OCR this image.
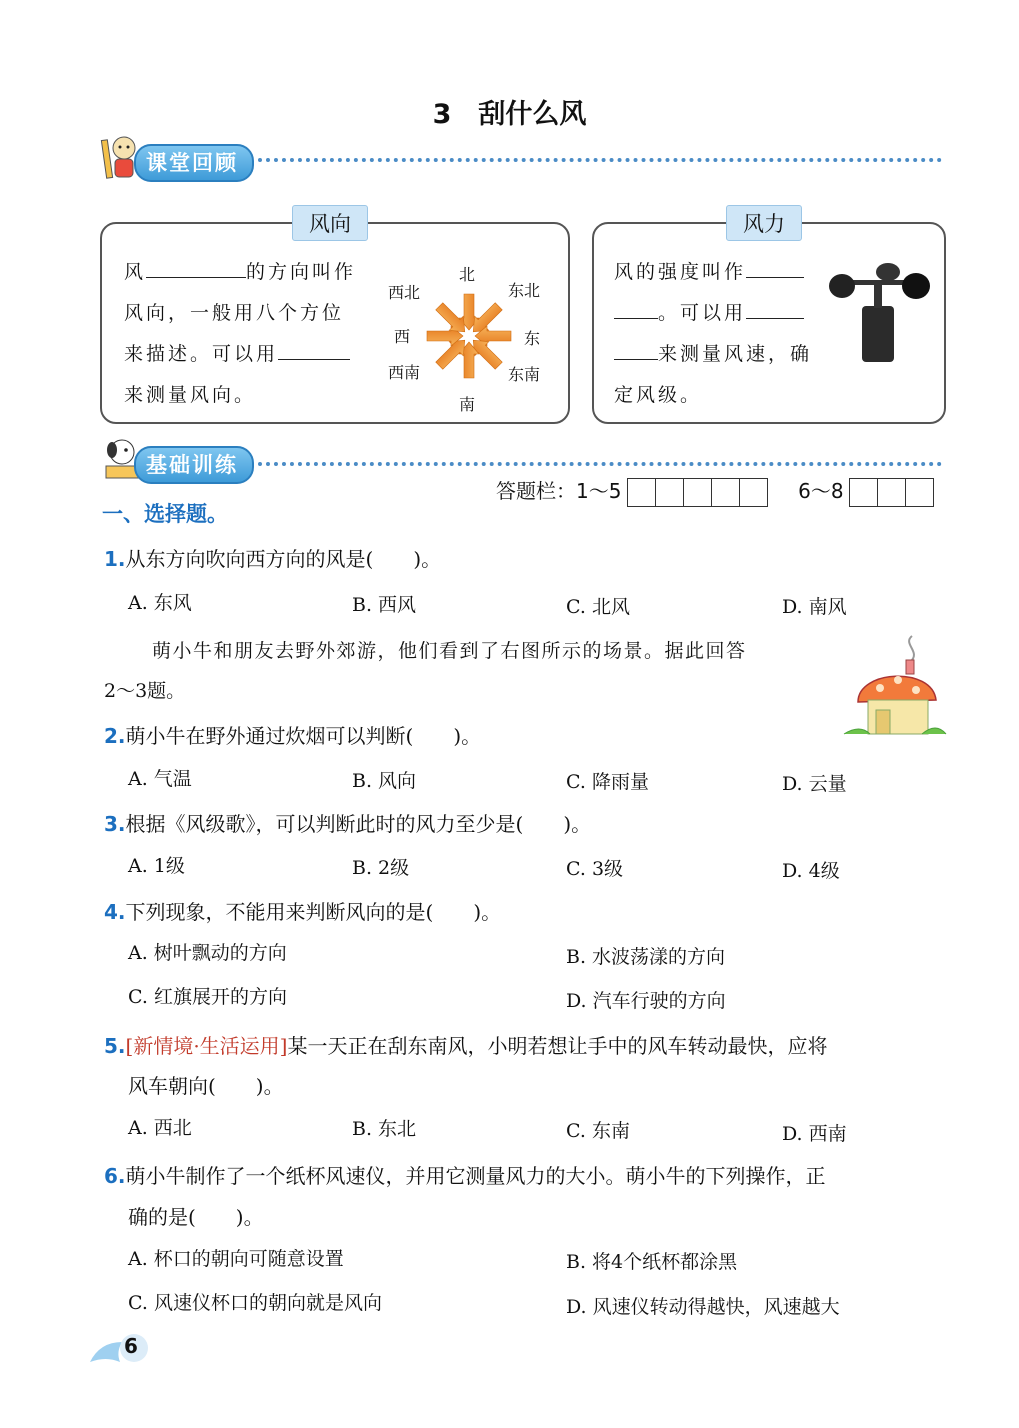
3　刮什么风
课堂回顾
风向
风	的方向叫作
风向，一般用八个方位
来描述。可以用
来测量风向。
北
东北
东
东南
南
西南
西
西北
风力
风的强度叫作
。可以用
来测量风速，确
定风级。
基础训练
答题栏：1～5	6～8
一、选择题。
1.从东方向吹向西方向的风是(　　)。
A. 东风	B. 西风	C. 北风	D. 南风
萌小牛和朋友去野外郊游，他们看到了右图所示的场景。据此回答
2～3题。
2.萌小牛在野外通过炊烟可以判断(　　)。
A. 气温	B. 风向	C. 降雨量	D. 云量
3.根据《风级歌》，可以判断此时的风力至少是(　　)。
A. 1级	B. 2级	C. 3级	D. 4级
4.下列现象，不能用来判断风向的是(　　)。
A. 树叶飘动的方向	B. 水波荡漾的方向
C. 红旗展开的方向	D. 汽车行驶的方向
5.[新情境·生活运用]某一天正在刮东南风，小明若想让手中的风车转动最快，应将
风车朝向(　　)。
A. 西北	B. 东北	C. 东南	D. 西南
6.萌小牛制作了一个纸杯风速仪，并用它测量风力的大小。萌小牛的下列操作，正
确的是(　　)。
A. 杯口的朝向可随意设置	B. 将4个纸杯都涂黑
C. 风速仪杯口的朝向就是风向	D. 风速仪转动得越快，风速越大
6
